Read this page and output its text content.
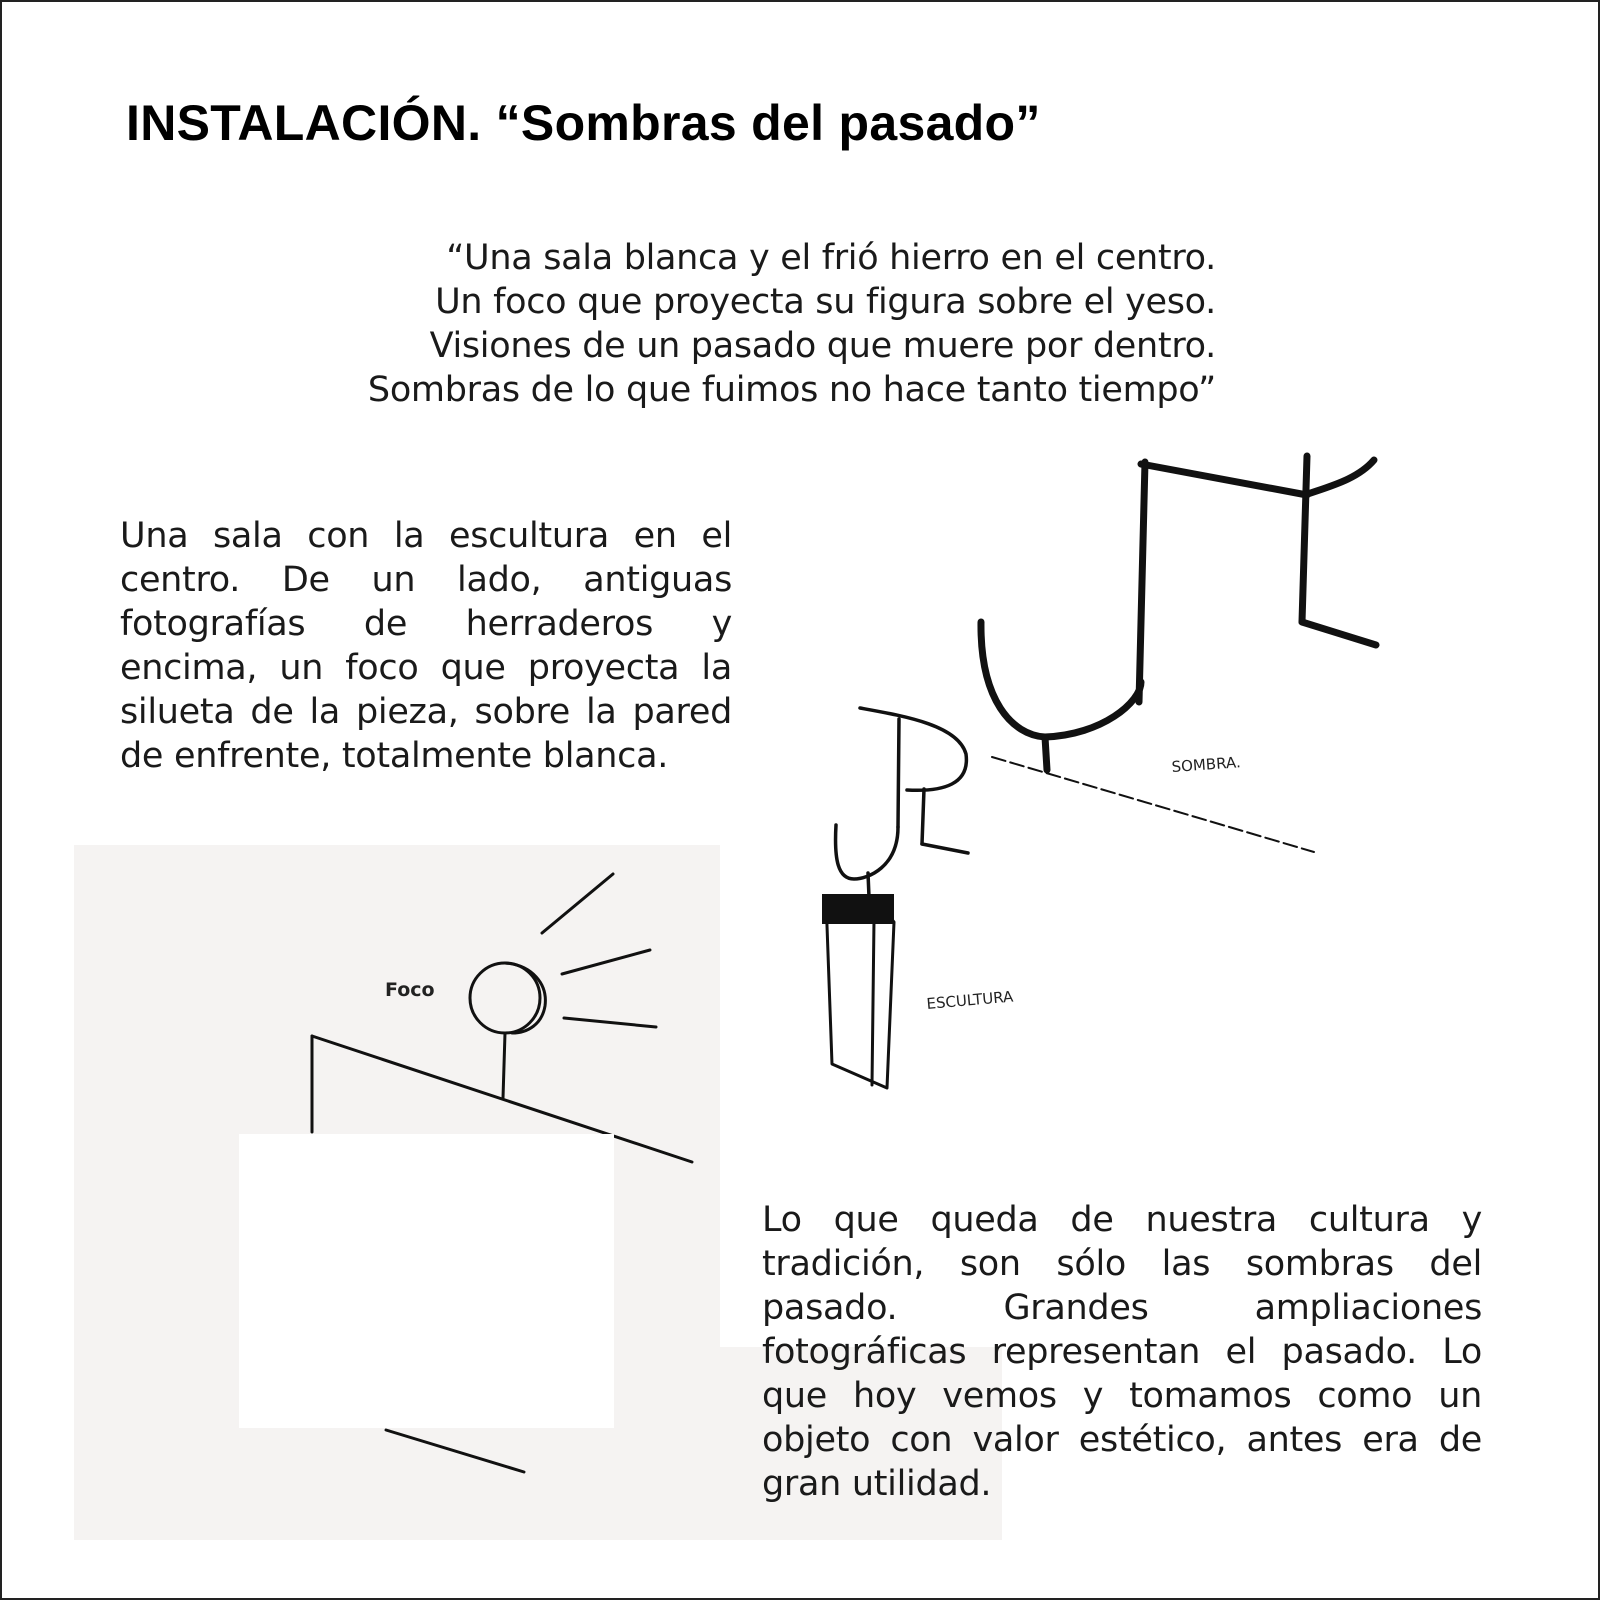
INSTALACIÓN. “Sombras del pasado”
“Una sala blanca y el frió hierro en el centro.
Un foco que proyecta su figura sobre el yeso.
Visiones de un pasado que muere por dentro.
Sombras de lo que fuimos no hace tanto tiempo”
Una sala con la escultura en el centro. De un lado, antiguas fotografías de herraderos y encima, un foco que proyecta la silueta de la pieza, sobre la pared de enfrente, totalmente blanca.	SOMBRA.
ESCULTURA
Foco
Lo que queda de nuestra cultura y tradición, son sólo las sombras del pasado. Grandes ampliaciones fotográficas representan el pasado. Lo que hoy vemos y tomamos como un objeto con valor estético, antes era de gran utilidad.
